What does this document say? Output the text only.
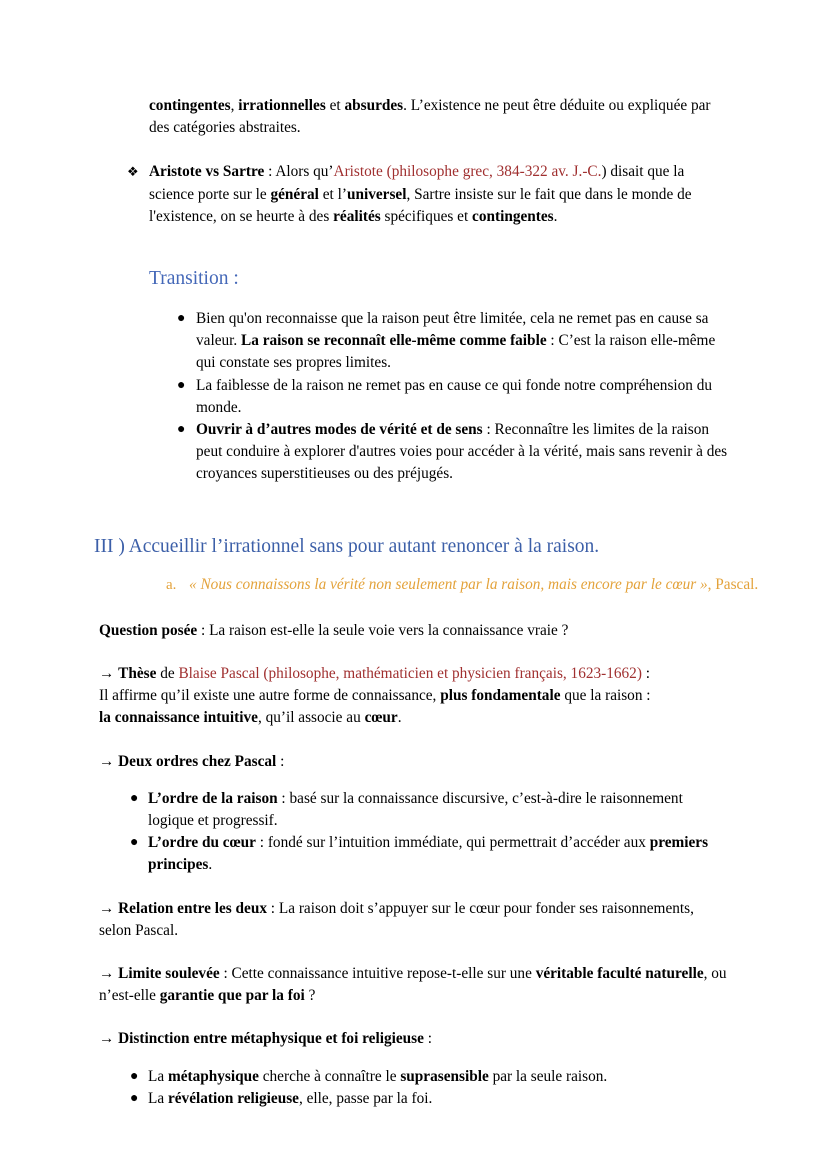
contingentes, irrationnelles et absurdes. L’existence ne peut être déduite ou expliquée par des catégories abstraites.

❖ Aristote vs Sartre : Alors qu’Aristote (philosophe grec, 384-322 av. J.-C.) disait que la science porte sur le général et l’universel, Sartre insiste sur le fait que dans le monde de l'existence, on se heurte à des réalités spécifiques et contingentes.

Transition :

● Bien qu'on reconnaisse que la raison peut être limitée, cela ne remet pas en cause sa valeur. La raison se reconnaît elle-même comme faible : C’est la raison elle-même qui constate ses propres limites.
● La faiblesse de la raison ne remet pas en cause ce qui fonde notre compréhension du monde.
● Ouvrir à d’autres modes de vérité et de sens : Reconnaître les limites de la raison peut conduire à explorer d'autres voies pour accéder à la vérité, mais sans revenir à des croyances superstitieuses ou des préjugés.

III ) Accueillir l’irrationnel sans pour autant renoncer à la raison.

a. « Nous connaissons la vérité non seulement par la raison, mais encore par le cœur », Pascal.

Question posée : La raison est-elle la seule voie vers la connaissance vraie ?

→ Thèse de Blaise Pascal (philosophe, mathématicien et physicien français, 1623-1662) :
Il affirme qu’il existe une autre forme de connaissance, plus fondamentale que la raison :
la connaissance intuitive, qu’il associe au cœur.

→ Deux ordres chez Pascal :

● L’ordre de la raison : basé sur la connaissance discursive, c’est-à-dire le raisonnement logique et progressif.
● L’ordre du cœur : fondé sur l’intuition immédiate, qui permettrait d’accéder aux premiers principes.

→ Relation entre les deux : La raison doit s’appuyer sur le cœur pour fonder ses raisonnements, selon Pascal.

→ Limite soulevée : Cette connaissance intuitive repose-t-elle sur une véritable faculté naturelle, ou n’est-elle garantie que par la foi ?

→ Distinction entre métaphysique et foi religieuse :

● La métaphysique cherche à connaître le suprasensible par la seule raison.
● La révélation religieuse, elle, passe par la foi.
